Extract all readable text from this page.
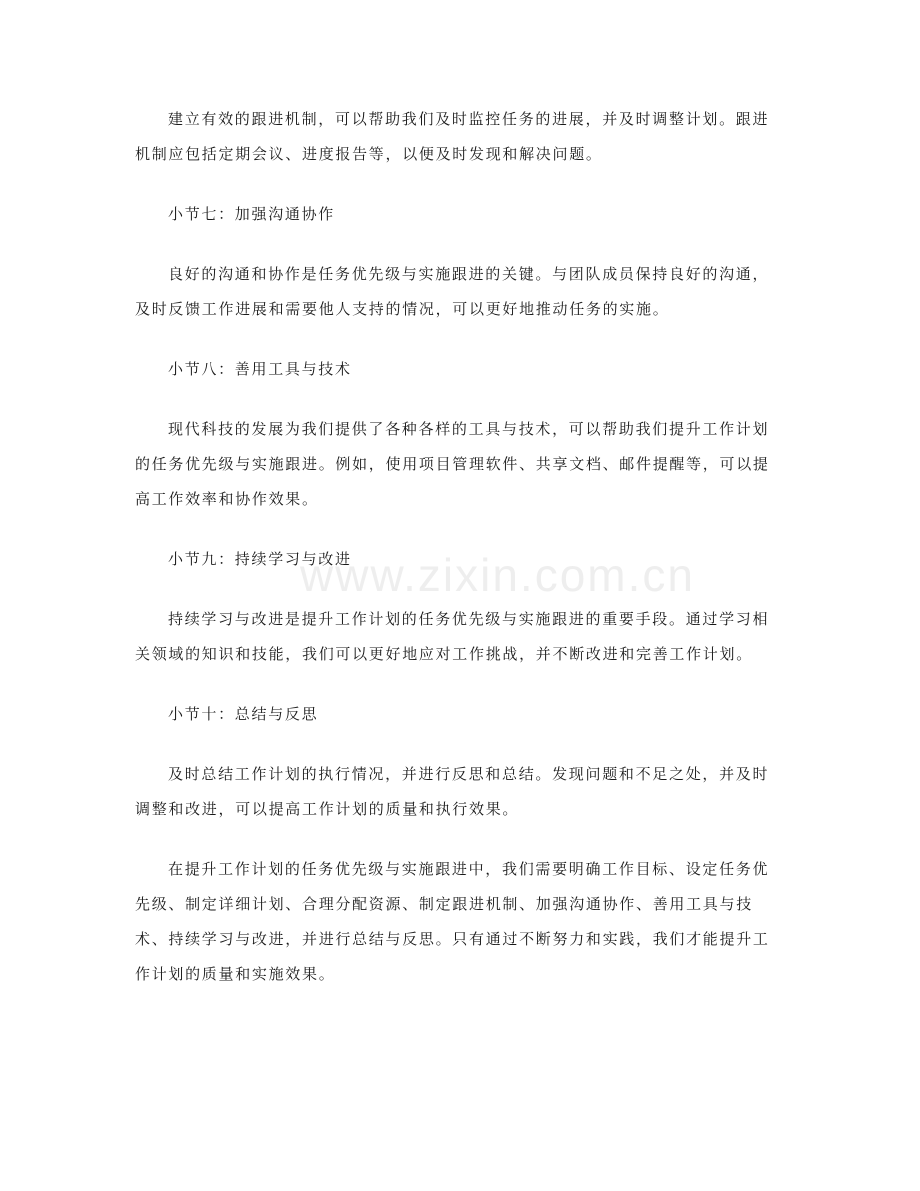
建立有效的跟进机制，可以帮助我们及时监控任务的进展，并及时调整计划。跟进机制应包括定期会议、进度报告等，以便及时发现和解决问题。

小节七：加强沟通协作

良好的沟通和协作是任务优先级与实施跟进的关键。与团队成员保持良好的沟通，及时反馈工作进展和需要他人支持的情况，可以更好地推动任务的实施。

小节八：善用工具与技术

现代科技的发展为我们提供了各种各样的工具与技术，可以帮助我们提升工作计划的任务优先级与实施跟进。例如，使用项目管理软件、共享文档、邮件提醒等，可以提高工作效率和协作效果。

小节九：持续学习与改进

持续学习与改进是提升工作计划的任务优先级与实施跟进的重要手段。通过学习相关领域的知识和技能，我们可以更好地应对工作挑战，并不断改进和完善工作计划。

小节十：总结与反思

及时总结工作计划的执行情况，并进行反思和总结。发现问题和不足之处，并及时调整和改进，可以提高工作计划的质量和执行效果。

在提升工作计划的任务优先级与实施跟进中，我们需要明确工作目标、设定任务优先级、制定详细计划、合理分配资源、制定跟进机制、加强沟通协作、善用工具与技术、持续学习与改进，并进行总结与反思。只有通过不断努力和实践，我们才能提升工作计划的质量和实施效果。

www.zixin.com.cn
